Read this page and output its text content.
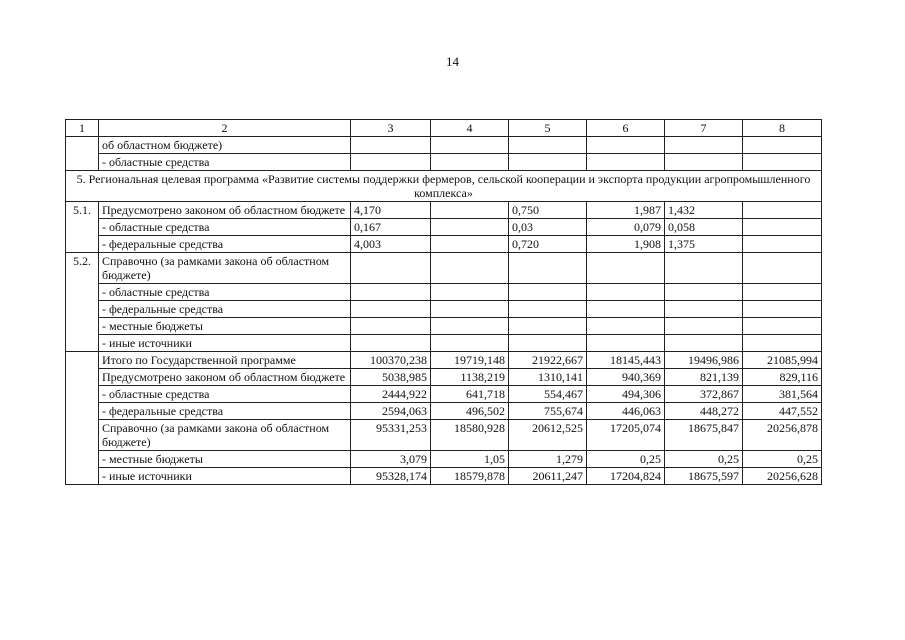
14
1	2	3	4	5	6	7	8
	об областном бюджете)						
	- областные средства						
5. Региональная целевая программа «Развитие системы поддержки фермеров, сельской кооперации и экспорта продукции агропромышленного комплекса»							
5.1.	Предусмотрено законом об областном бюджете	4,170		0,750	1,987	1,432	
	- областные средства	0,167		0,03	0,079	0,058	
	- федеральные средства	4,003		0,720	1,908	1,375	
5.2.	Справочно (за рамками закона об областном бюджете)						
	- областные средства						
	- федеральные средства						
	- местные бюджеты						
	- иные источники						
	Итого по Государственной программе	100370,238	19719,148	21922,667	18145,443	19496,986	21085,994
	Предусмотрено законом об областном бюджете	5038,985	1138,219	1310,141	940,369	821,139	829,116
	- областные средства	2444,922	641,718	554,467	494,306	372,867	381,564
	- федеральные средства	2594,063	496,502	755,674	446,063	448,272	447,552
	Справочно (за рамками закона об областном бюджете)	95331,253	18580,928	20612,525	17205,074	18675,847	20256,878
	- местные бюджеты	3,079	1,05	1,279	0,25	0,25	0,25
	- иные источники	95328,174	18579,878	20611,247	17204,824	18675,597	20256,628
